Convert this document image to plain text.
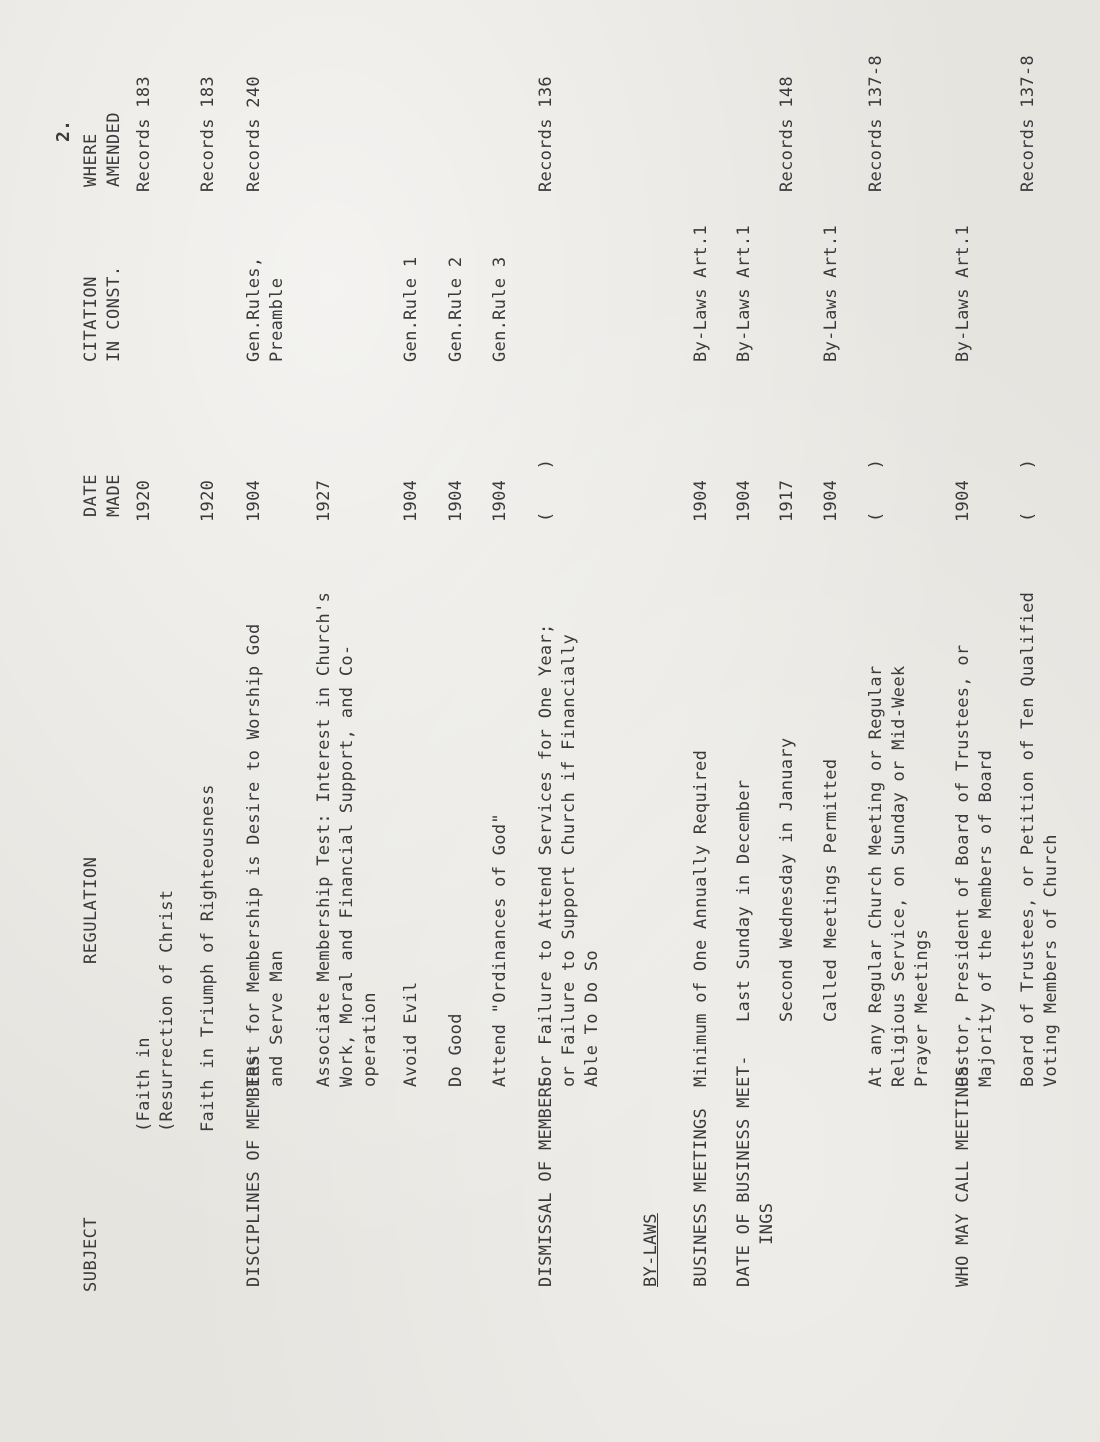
2.
SUBJECT
REGULATION
DATE
MADE
CITATION
IN CONST.
WHERE
AMENDED
(Faith in
(Resurrection of Christ
1920
Records 183
Faith in Triumph of Righteousness
1920
Records 183
DISCIPLINES OF MEMBERS
Test for Membership is Desire to Worship God
and Serve Man
1904
Gen.Rules,
Preamble
Records 240
Associate Membership Test: Interest in Church's
Work, Moral and Financial Support, and Co-
operation
1927
Avoid Evil
1904
Gen.Rule 1
Do Good
1904
Gen.Rule 2
Attend "Ordinances of God"
1904
Gen.Rule 3
DISMISSAL OF MEMBERS
For Failure to Attend Services for One Year;
or Failure to Support Church if Financially
Able To Do So
(    )
Records 136
BY-LAWS BUSINESS MEETINGS
Minimum of One Annually Required
1904
By-Laws Art.1
DATE OF BUSINESS MEET-
INGS
Last Sunday in December
1904
By-Laws Art.1
Second Wednesday in January
1917
Records 148
Called Meetings Permitted
1904
By-Laws Art.1
At any Regular Church Meeting or Regular
Religious Service, on Sunday or Mid-Week
Prayer Meetings
(    )
Records 137-8
WHO MAY CALL MEETINGS
Pastor, President of Board of Trustees, or
Majority of the Members of Board
1904
By-Laws Art.1
Board of Trustees, or Petition of Ten Qualified
Voting Members of Church
(    )
Records 137-8
